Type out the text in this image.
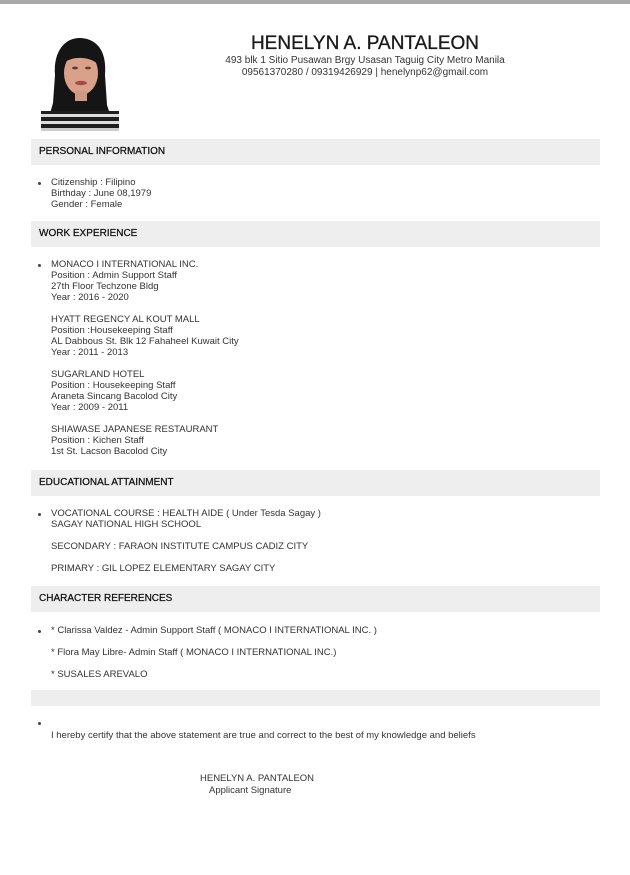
HENELYN A. PANTALEON
493 blk 1 Sitio Pusawan Brgy Usasan Taguig City Metro Manila
09561370280 / 09319426929 | henelynp62@gmail.com
PERSONAL INFORMATION
Citizenship : Filipino
Birthday : June 08,1979
Gender : Female
WORK EXPERIENCE
MONACO I INTERNATIONAL INC.
Position : Admin Support Staff
27th Floor Techzone Bldg
Year : 2016 - 2020
HYATT REGENCY AL KOUT MALL
Position :Housekeeping Staff
AL Dabbous St. Blk 12 Fahaheel Kuwait City
Year : 2011 - 2013
SUGARLAND HOTEL
Position : Housekeeping Staff
Araneta Sincang Bacolod City
Year : 2009 - 2011
SHIAWASE JAPANESE RESTAURANT
Position : Kichen Staff
1st St. Lacson Bacolod City
EDUCATIONAL ATTAINMENT
VOCATIONAL COURSE : HEALTH AIDE ( Under Tesda Sagay )
SAGAY NATIONAL HIGH SCHOOL
SECONDARY : FARAON INSTITUTE CAMPUS CADIZ CITY
PRIMARY : GIL LOPEZ ELEMENTARY SAGAY CITY
CHARACTER REFERENCES
* Clarissa Valdez - Admin Support Staff ( MONACO I INTERNATIONAL INC. )
* Flora May Libre- Admin Staff ( MONACO I INTERNATIONAL INC.)
* SUSALES AREVALO
I hereby certify that the above statement are true and correct to the best of my knowledge and beliefs
HENELYN A. PANTALEON
Applicant Signature
